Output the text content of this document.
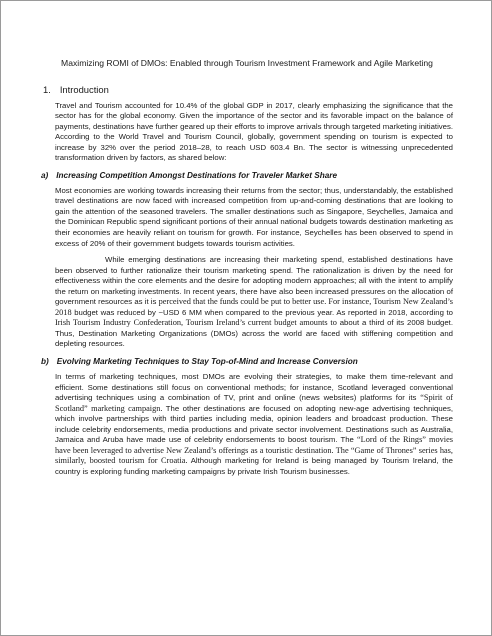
Maximizing ROMI of DMOs: Enabled through Tourism Investment Framework and Agile Marketing
1. Introduction

Travel and Tourism accounted for 10.4% of the global GDP in 2017, clearly emphasizing the significance that the sector has for the global economy. Given the importance of the sector and its favorable impact on the balance of payments, destinations have further geared up their efforts to improve arrivals through targeted marketing initiatives. According to the World Travel and Tourism Council, globally, government spending on tourism is expected to increase by 32% over the period 2018–28, to reach USD 603.4 Bn. The sector is witnessing unprecedented transformation driven by factors, as shared below:

a) Increasing Competition Amongst Destinations for Traveler Market Share

Most economies are working towards increasing their returns from the sector; thus, understandably, the established travel destinations are now faced with increased competition from up-and-coming destinations that are looking to gain the attention of the seasoned travelers. The smaller destinations such as Singapore, Seychelles, Jamaica and the Dominican Republic spend significant portions of their annual national budgets towards destination marketing as their economies are heavily reliant on tourism for growth. For instance, Seychelles has been observed to spend in excess of 20% of their government budgets towards tourism activities.

While emerging destinations are increasing their marketing spend, established destinations have been observed to further rationalize their tourism marketing spend. The rationalization is driven by the need for effectiveness within the core elements and the desire for adopting modern approaches; all with the intent to amplify the return on marketing investments. In recent years, there have also been increased pressures on the allocation of government resources as it is perceived that the funds could be put to better use. For instance, Tourism New Zealand’s 2018 budget was reduced by ~USD 6 MM when compared to the previous year. As reported in 2018, according to Irish Tourism Industry Confederation, Tourism Ireland’s current budget amounts to about a third of its 2008 budget. Thus, Destination Marketing Organizations (DMOs) across the world are faced with stiffening competition and depleting resources.

b) Evolving Marketing Techniques to Stay Top-of-Mind and Increase Conversion

In terms of marketing techniques, most DMOs are evolving their strategies, to make them time-relevant and efficient. Some destinations still focus on conventional methods; for instance, Scotland leveraged conventional advertising techniques using a combination of TV, print and online (news websites) platforms for its “Spirit of Scotland” marketing campaign. The other destinations are focused on adopting new-age advertising techniques, which involve partnerships with third parties including media, opinion leaders and broadcast production. These include celebrity endorsements, media productions and private sector involvement. Destinations such as Australia, Jamaica and Aruba have made use of celebrity endorsements to boost tourism. The “Lord of the Rings” movies have been leveraged to advertise New Zealand’s offerings as a touristic destination. The “Game of Thrones” series has, similarly, boosted tourism for Croatia. Although marketing for Ireland is being managed by Tourism Ireland, the country is exploring funding marketing campaigns by private Irish Tourism businesses.
